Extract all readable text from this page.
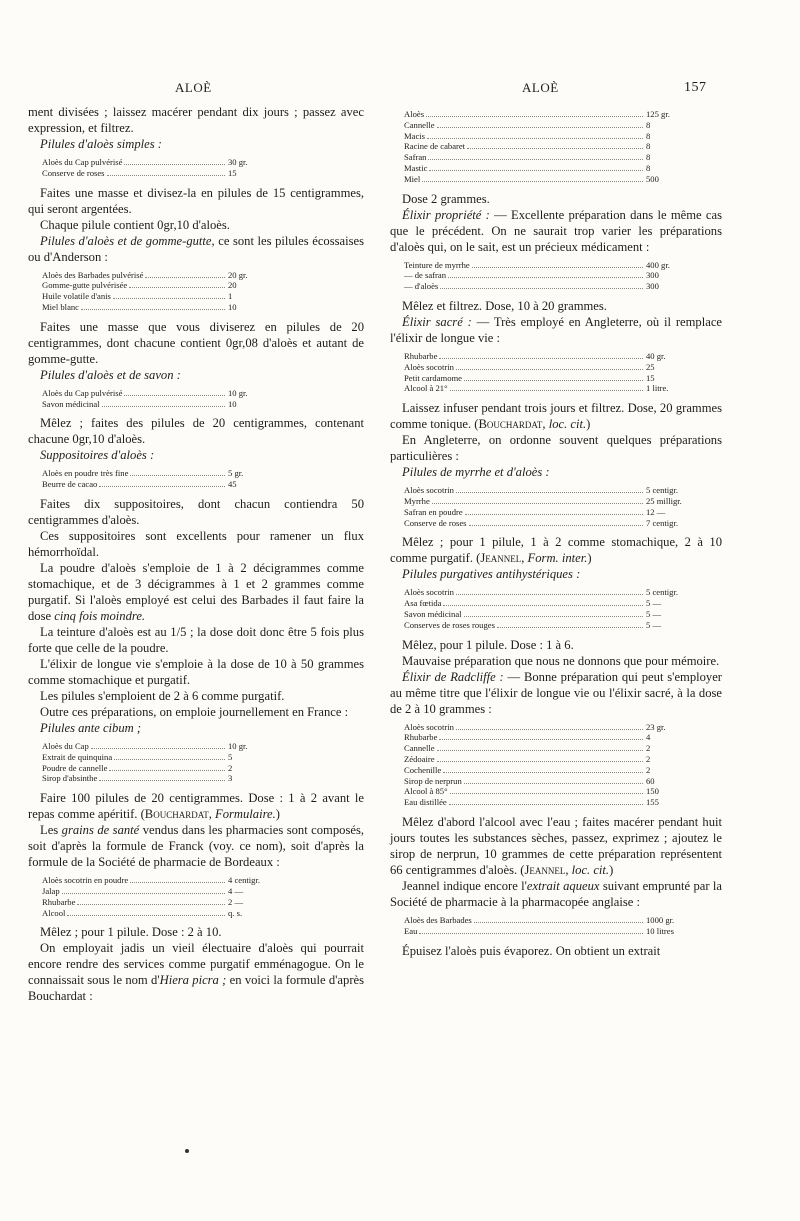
ALOÈ	ALOÈ	157

ment divisées ; laissez macérer pendant dix jours ; passez avec expression, et filtrez.

Pilules d'aloès simples :

Aloès du Cap pulvérisé	30 gr.
Conserve de roses	15

Faites une masse et divisez-la en pilules de 15 centigrammes, qui seront argentées.

Chaque pilule contient 0gr,10 d'aloès.

Pilules d'aloès et de gomme-gutte, ce sont les pilules écossaises ou d'Anderson :

Aloès des Barbades pulvérisé	20 gr.
Gomme-gutte pulvérisée	20
Huile volatile d'anis	1
Miel blanc	10

Faites une masse que vous diviserez en pilules de 20 centigrammes, dont chacune contient 0gr,08 d'aloès et autant de gomme-gutte.

Pilules d'aloès et de savon :

Aloès du Cap pulvérisé	10 gr.
Savon médicinal	10

Mêlez ; faites des pilules de 20 centigrammes, contenant chacune 0gr,10 d'aloès.

Suppositoires d'aloès :

Aloès en poudre très fine	5 gr.
Beurre de cacao	45

Faites dix suppositoires, dont chacun contiendra 50 centigrammes d'aloès.

Ces suppositoires sont excellents pour ramener un flux hémorrhoïdal.

La poudre d'aloès s'emploie de 1 à 2 décigrammes comme stomachique, et de 3 décigrammes à 1 et 2 grammes comme purgatif. Si l'aloès employé est celui des Barbades il faut faire la dose cinq fois moindre.

La teinture d'aloès est au 1/5 ; la dose doit donc être 5 fois plus forte que celle de la poudre.

L'élixir de longue vie s'emploie à la dose de 10 à 50 grammes comme stomachique et purgatif.

Les pilules s'emploient de 2 à 6 comme purgatif.

Outre ces préparations, on emploie journellement en France :

Pilules ante cibum ;

Aloès du Cap	10 gr.
Extrait de quinquina	5
Poudre de cannelle	2
Sirop d'absinthe	3

Faire 100 pilules de 20 centigrammes. Dose : 1 à 2 avant le repas comme apéritif. (Bouchardat, Formulaire.)

Les grains de santé vendus dans les pharmacies sont composés, soit d'après la formule de Franck (voy. ce nom), soit d'après la formule de la Société de pharmacie de Bordeaux :

Aloès socotrin en poudre	4 centigr.
Jalap	4 —
Rhubarbe	2 —
Alcool	q. s.

Mêlez ; pour 1 pilule. Dose : 2 à 10.

On employait jadis un vieil électuaire d'aloès qui pourrait encore rendre des services comme purgatif emménagogue. On le connaissait sous le nom d'Hiera picra ; en voici la formule d'après Bouchardat :

Aloès	125 gr.
Cannelle	8
Macis	8
Racine de cabaret	8
Safran	8
Mastic	8
Miel	500

Dose 2 grammes.

Élixir propriété : — Excellente préparation dans le même cas que le précédent. On ne saurait trop varier les préparations d'aloès qui, on le sait, est un précieux médicament :

Teinture de myrrhe	400 gr.
— de safran	300
— d'aloès	300

Mêlez et filtrez. Dose, 10 à 20 grammes.

Élixir sacré : — Très employé en Angleterre, où il remplace l'élixir de longue vie :

Rhubarbe	40 gr.
Aloès socotrin	25
Petit cardamome	15
Alcool à 21°	1 litre.

Laissez infuser pendant trois jours et filtrez. Dose, 20 grammes comme tonique. (Bouchardat, loc. cit.)

En Angleterre, on ordonne souvent quelques préparations particulières :

Pilules de myrrhe et d'aloès :

Aloès socotrin	5 centigr.
Myrrhe	25 milligr.
Safran en poudre	12 —
Conserve de roses	7 centigr.

Mêlez ; pour 1 pilule, 1 à 2 comme stomachique, 2 à 10 comme purgatif. (Jeannel, Form. inter.)

Pilules purgatives antihystériques :

Aloès socotrin	5 centigr.
Asa fœtida	5 —
Savon médicinal	5 —
Conserves de roses rouges	5 —

Mêlez, pour 1 pilule. Dose : 1 à 6.

Mauvaise préparation que nous ne donnons que pour mémoire.

Élixir de Radcliffe : — Bonne préparation qui peut s'employer au même titre que l'élixir de longue vie ou l'élixir sacré, à la dose de 2 à 10 grammes :

Aloès socotrin	23 gr.
Rhubarbe	4
Cannelle	2
Zédoaire	2
Cochenille	2
Sirop de nerprun	60
Alcool à 85°	150
Eau distillée	155

Mêlez d'abord l'alcool avec l'eau ; faites macérer pendant huit jours toutes les substances sèches, passez, exprimez ; ajoutez le sirop de nerprun, 10 grammes de cette préparation représentent 66 centigrammes d'aloès. (Jeannel, loc. cit.)

Jeannel indique encore l'extrait aqueux suivant emprunté par la Société de pharmacie à la pharmacopée anglaise :

Aloès des Barbades	1000 gr.
Eau	10 litres

Épuisez l'aloès puis évaporez. On obtient un extrait
